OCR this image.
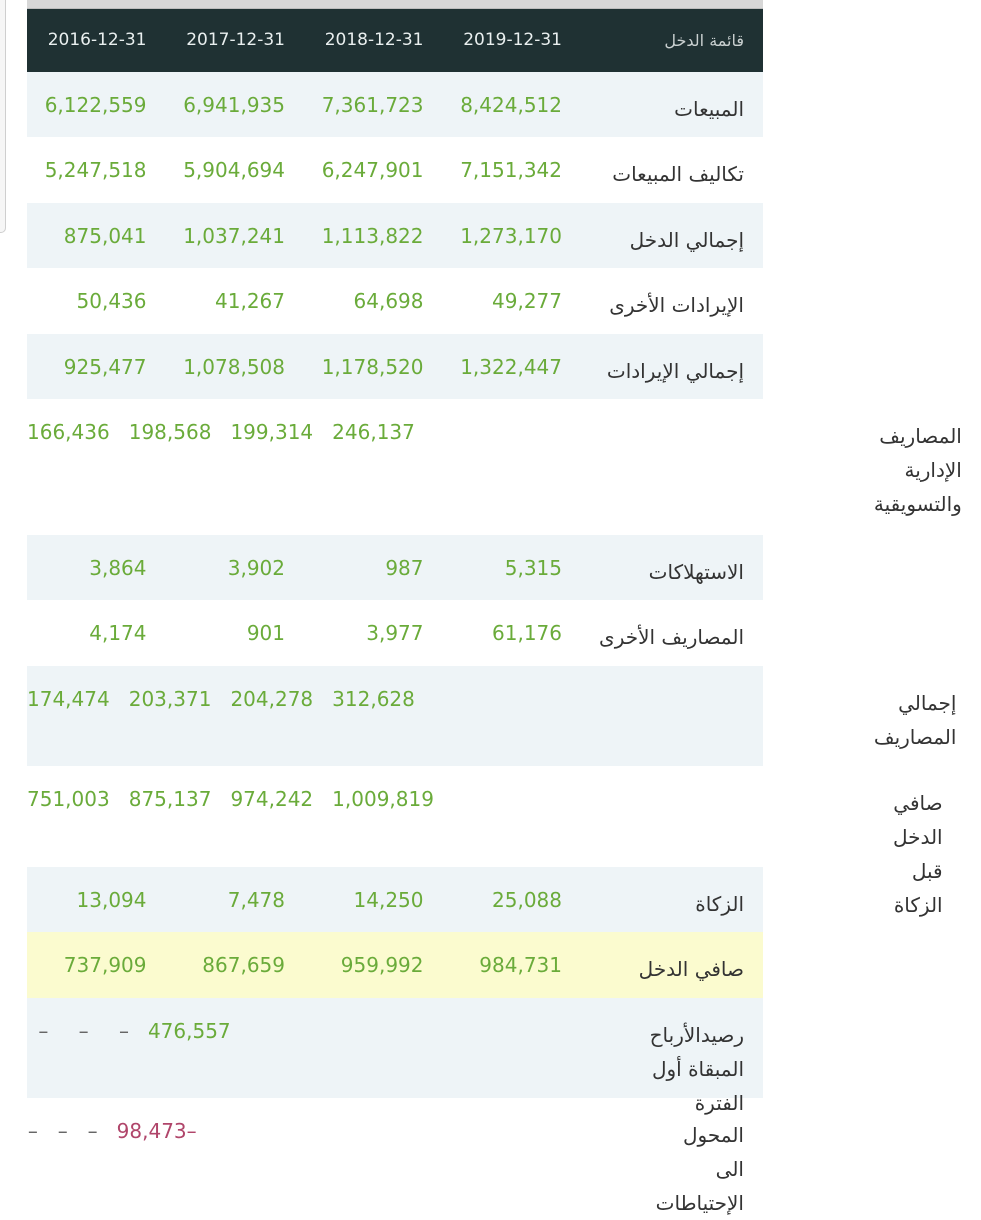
2016-12-31	2017-12-31	2018-12-31	2019-12-31	قائمة الدخل
6,122,559	6,941,935	7,361,723	8,424,512	المبيعات
5,247,518	5,904,694	6,247,901	7,151,342	تكاليف المبيعات
875,041	1,037,241	1,113,822	1,273,170	إجمالي الدخل
50,436	41,267	64,698	49,277	الإيرادات الأخرى
925,477	1,078,508	1,178,520	1,322,447	إجمالي الإيرادات
166,436 198,568 199,314 246,137	المصاريف الإدارية والتسويقية
3,864	3,902	987	5,315	الاستهلاكات
4,174	901	3,977	61,176	المصاريف الأخرى
174,474 203,371 204,278 312,628	إجمالي المصاريف
751,003 875,137 974,242 1,009,819	صافي الدخل قبل الزكاة
13,094	7,478	14,250	25,088	الزكاة
737,909	867,659	959,992	984,731	صافي الدخل
–	–	– 476,557	رصيدالأرباح المبقاة أول الفترة
– – – 98,473–	المحول الى الإحتياطات
